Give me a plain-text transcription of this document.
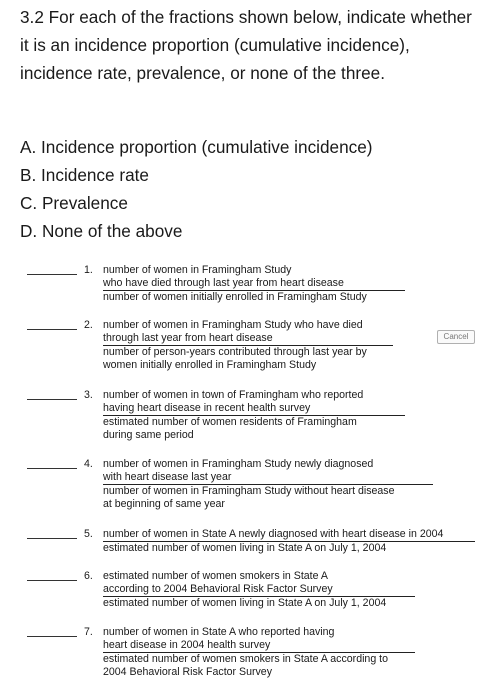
3.2 For each of the fractions shown below, indicate whether it is an incidence proportion (cumulative incidence), incidence rate, prevalence, or none of the three.

A. Incidence proportion (cumulative incidence)
B. Incidence rate
C. Prevalence
D. None of the above
1. number of women in Framingham Study
who have died through last year from heart disease
number of women initially enrolled in Framingham Study
2. number of women in Framingham Study who have died
through last year from heart disease
number of person-years contributed through last year by
women initially enrolled in Framingham Study
Cancel
3. number of women in town of Framingham who reported
having heart disease in recent health survey
estimated number of women residents of Framingham
during same period
4. number of women in Framingham Study newly diagnosed
with heart disease last year
number of women in Framingham Study without heart disease
at beginning of same year
5. number of women in State A newly diagnosed with heart disease in 2004
estimated number of women living in State A on July 1, 2004
6. estimated number of women smokers in State A
according to 2004 Behavioral Risk Factor Survey
estimated number of women living in State A on July 1, 2004
7. number of women in State A who reported having
heart disease in 2004 health survey
estimated number of women smokers in State A according to
2004 Behavioral Risk Factor Survey
